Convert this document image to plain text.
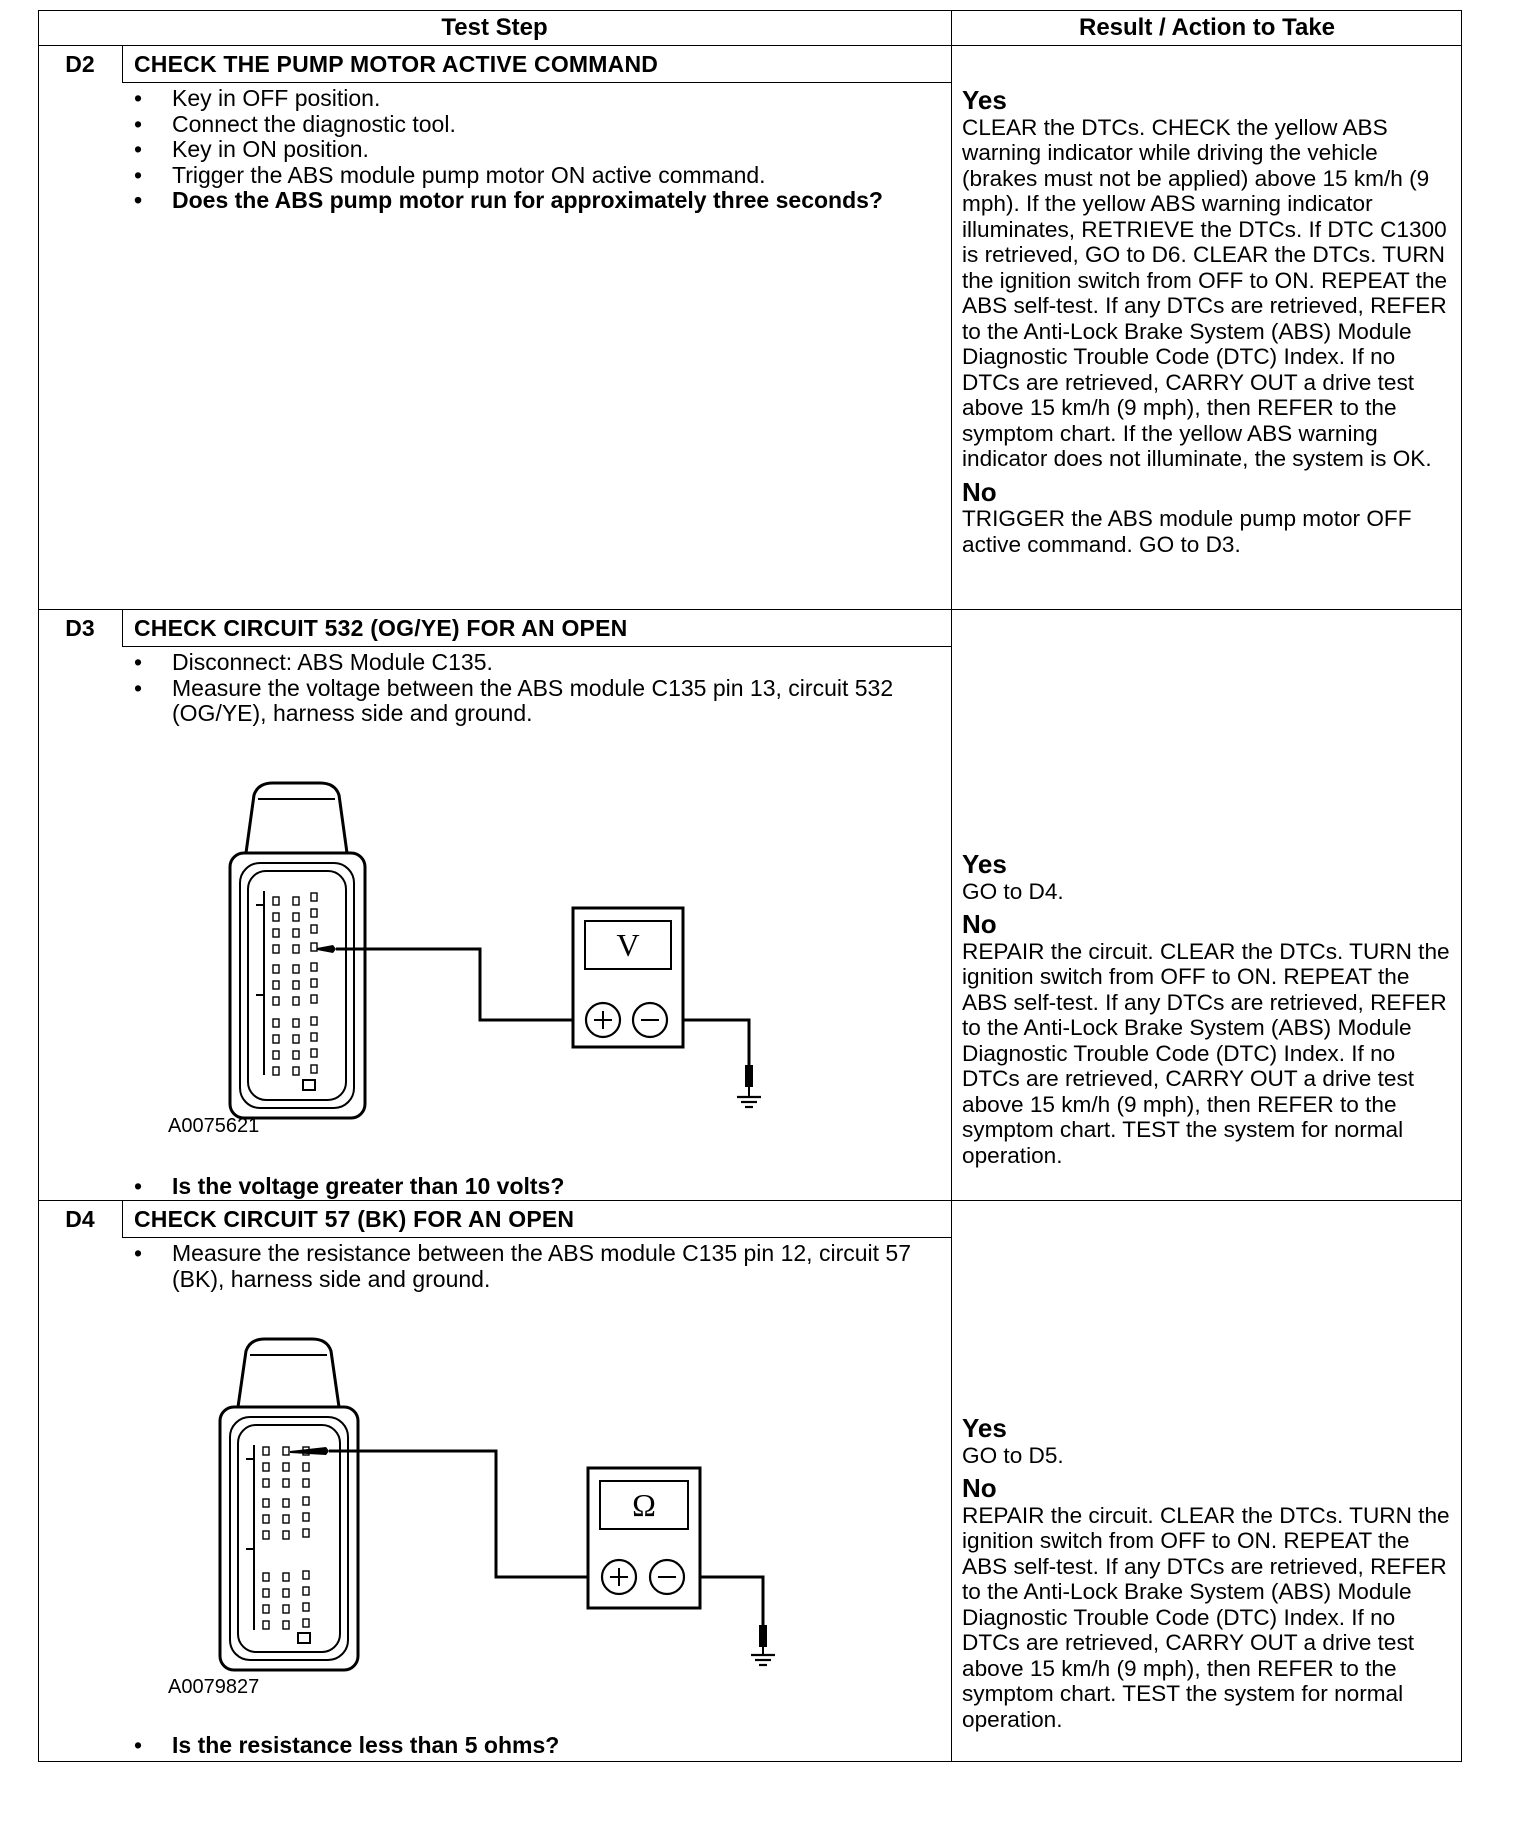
Test Step	Result / Action to Take
D2	CHECK THE PUMP MOTOR ACTIVE COMMAND
• Key in OFF position.
• Connect the diagnostic tool.
• Key in ON position.
• Trigger the ABS module pump motor ON active command.
• Does the ABS pump motor run for approximately three seconds?

Yes
CLEAR the DTCs. CHECK the yellow ABS warning indicator while driving the vehicle (brakes must not be applied) above 15 km/h (9 mph). If the yellow ABS warning indicator illuminates, RETRIEVE the DTCs. If DTC C1300 is retrieved, GO to D6. CLEAR the DTCs. TURN the ignition switch from OFF to ON. REPEAT the ABS self-test. If any DTCs are retrieved, REFER to the Anti-Lock Brake System (ABS) Module Diagnostic Trouble Code (DTC) Index. If no DTCs are retrieved, CARRY OUT a drive test above 15 km/h (9 mph), then REFER to the symptom chart. If the yellow ABS warning indicator does not illuminate, the system is OK.

No
TRIGGER the ABS module pump motor OFF active command. GO to D3.

D3	CHECK CIRCUIT 532 (OG/YE) FOR AN OPEN
• Disconnect: ABS Module C135.
• Measure the voltage between the ABS module C135 pin 13, circuit 532 (OG/YE), harness side and ground.
V
A0075621
• Is the voltage greater than 10 volts?

Yes
GO to D4.

No
REPAIR the circuit. CLEAR the DTCs. TURN the ignition switch from OFF to ON. REPEAT the ABS self-test. If any DTCs are retrieved, REFER to the Anti-Lock Brake System (ABS) Module Diagnostic Trouble Code (DTC) Index. If no DTCs are retrieved, CARRY OUT a drive test above 15 km/h (9 mph), then REFER to the symptom chart. TEST the system for normal operation.

D4	CHECK CIRCUIT 57 (BK) FOR AN OPEN
• Measure the resistance between the ABS module C135 pin 12, circuit 57 (BK), harness side and ground.
Ω
A0079827
• Is the resistance less than 5 ohms?

Yes
GO to D5.

No
REPAIR the circuit. CLEAR the DTCs. TURN the ignition switch from OFF to ON. REPEAT the ABS self-test. If any DTCs are retrieved, REFER to the Anti-Lock Brake System (ABS) Module Diagnostic Trouble Code (DTC) Index. If no DTCs are retrieved, CARRY OUT a drive test above 15 km/h (9 mph), then REFER to the symptom chart. TEST the system for normal operation.
